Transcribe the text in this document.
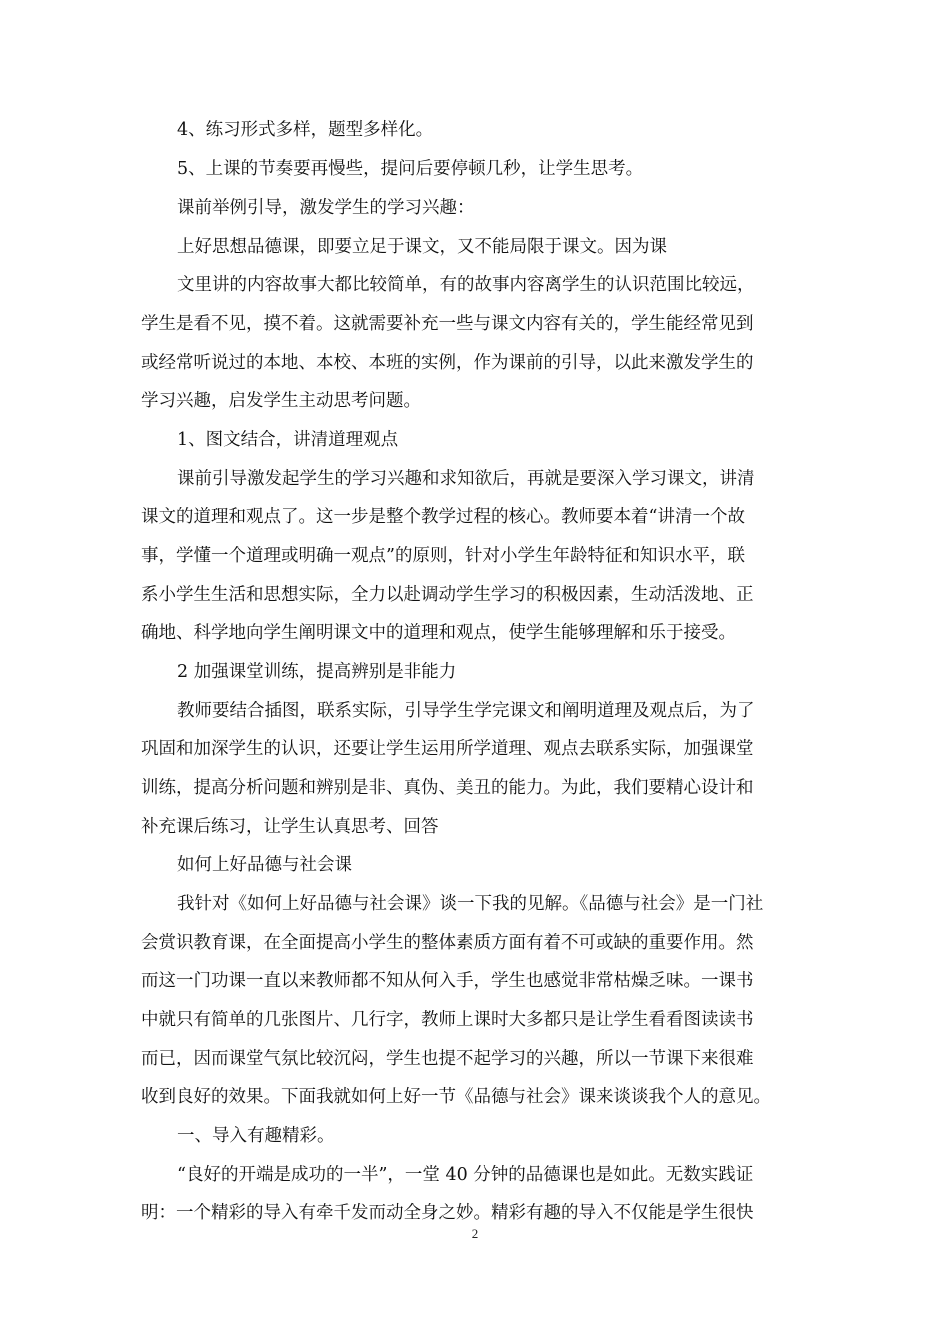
4、练习形式多样，题型多样化。
5、上课的节奏要再慢些，提问后要停顿几秒，让学生思考。
课前举例引导，激发学生的学习兴趣：
上好思想品德课，即要立足于课文，又不能局限于课文。因为课
文里讲的内容故事大都比较简单，有的故事内容离学生的认识范围比较远，
学生是看不见，摸不着。这就需要补充一些与课文内容有关的，学生能经常见到
或经常听说过的本地、本校、本班的实例，作为课前的引导，以此来激发学生的
学习兴趣，启发学生主动思考问题。
1、图文结合，讲清道理观点
课前引导激发起学生的学习兴趣和求知欲后，再就是要深入学习课文，讲清
课文的道理和观点了。这一步是整个教学过程的核心。教师要本着“讲清一个故
事，学懂一个道理或明确一观点”的原则，针对小学生年龄特征和知识水平，联
系小学生生活和思想实际，全力以赴调动学生学习的积极因素，生动活泼地、正
确地、科学地向学生阐明课文中的道理和观点，使学生能够理解和乐于接受。
2 加强课堂训练，提高辨别是非能力
教师要结合插图，联系实际，引导学生学完课文和阐明道理及观点后，为了
巩固和加深学生的认识，还要让学生运用所学道理、观点去联系实际，加强课堂
训练，提高分析问题和辨别是非、真伪、美丑的能力。为此，我们要精心设计和
补充课后练习，让学生认真思考、回答
如何上好品德与社会课
我针对《如何上好品德与社会课》谈一下我的见解。《品德与社会》是一门社
会赏识教育课，在全面提高小学生的整体素质方面有着不可或缺的重要作用。然
而这一门功课一直以来教师都不知从何入手，学生也感觉非常枯燥乏味。一课书
中就只有简单的几张图片、几行字，教师上课时大多都只是让学生看看图读读书
而已，因而课堂气氛比较沉闷，学生也提不起学习的兴趣，所以一节课下来很难
收到良好的效果。下面我就如何上好一节《品德与社会》课来谈谈我个人的意见。
一、导入有趣精彩。
“良好的开端是成功的一半”，一堂 40 分钟的品德课也是如此。无数实践证
明：一个精彩的导入有牵千发而动全身之妙。精彩有趣的导入不仅能是学生很快
2
